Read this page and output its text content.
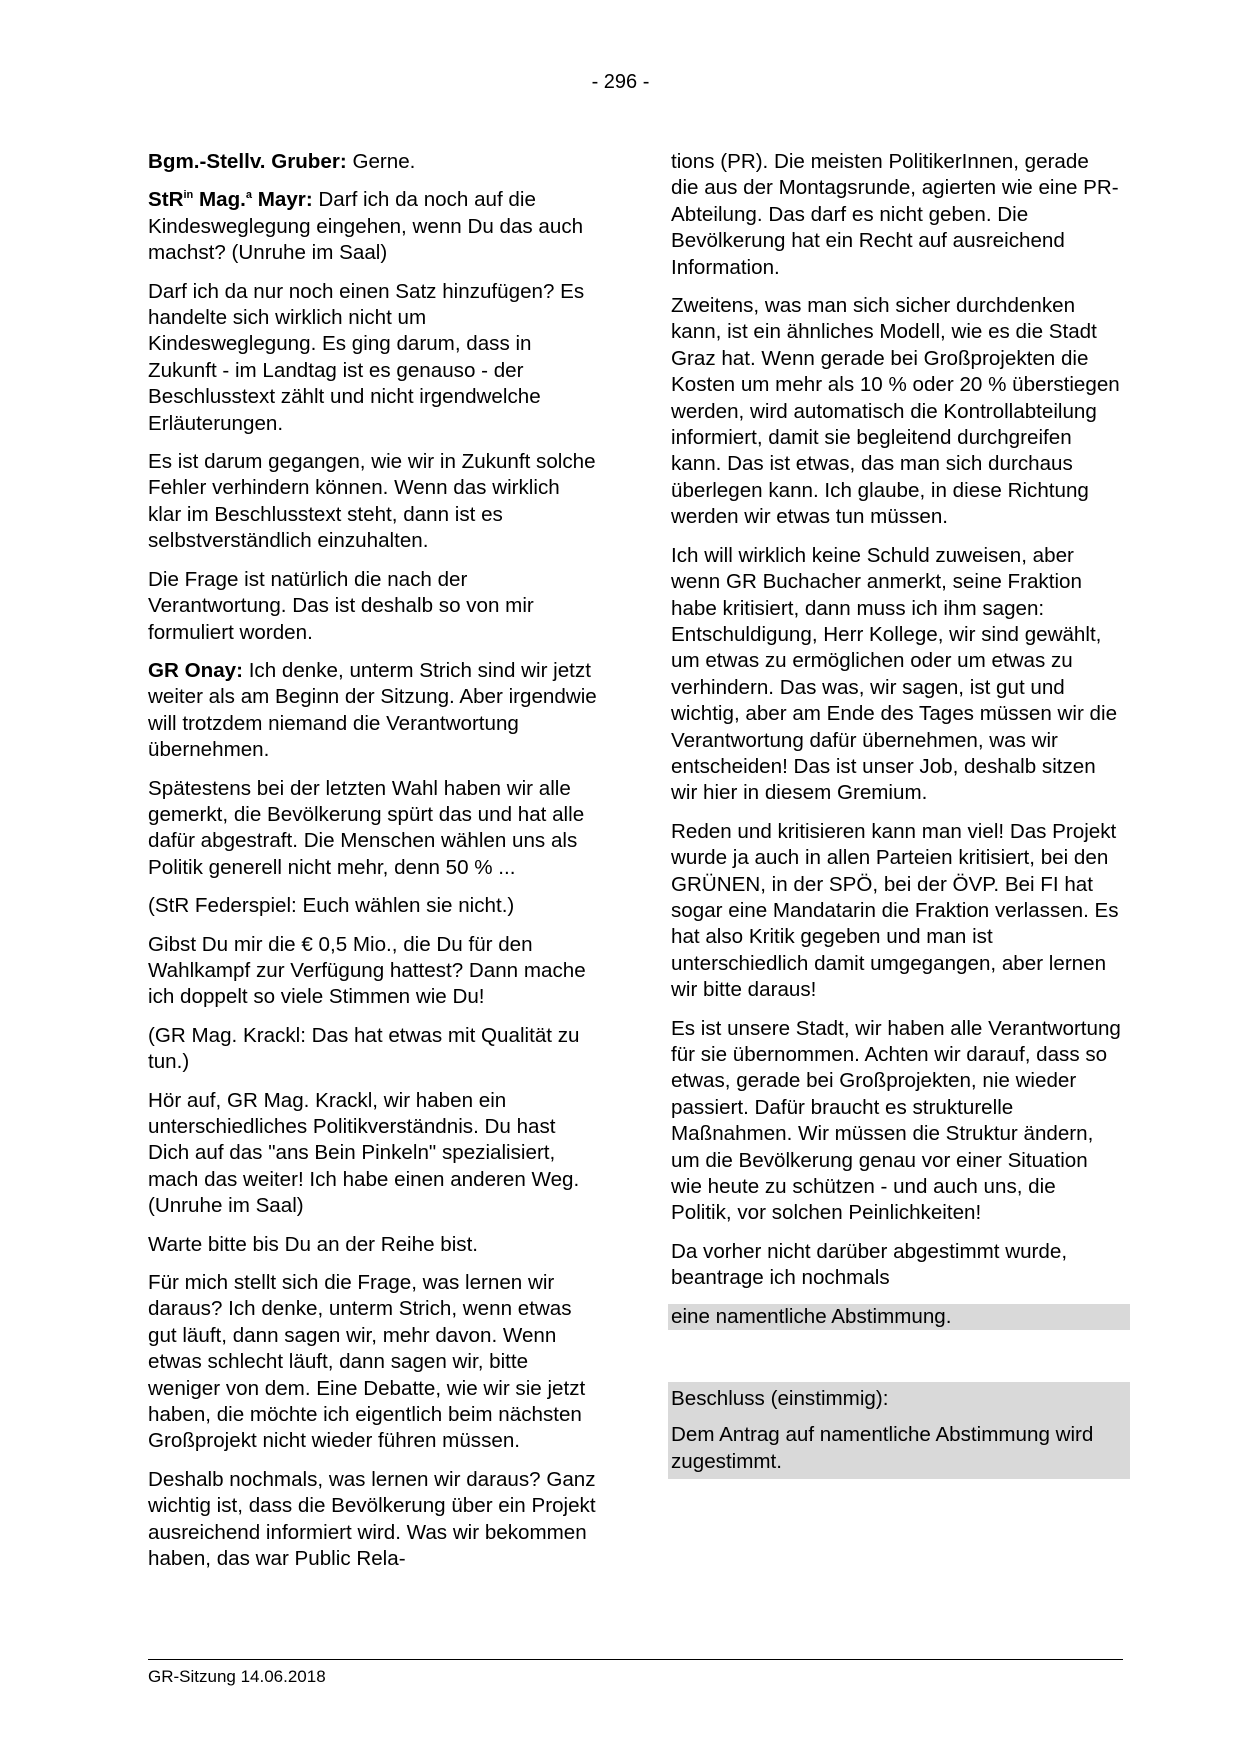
- 296 -

Bgm.-Stellv. Gruber: Gerne.

StR$^{in}$ Mag.$^a$ Mayr: Darf ich da noch auf die Kindesweglegung eingehen, wenn Du das auch machst? (Unruhe im Saal)

Darf ich da nur noch einen Satz hinzufügen? Es handelte sich wirklich nicht um Kindesweglegung. Es ging darum, dass in Zukunft - im Landtag ist es genauso - der Beschlusstext zählt und nicht irgendwelche Erläuterungen.

Es ist darum gegangen, wie wir in Zukunft solche Fehler verhindern können. Wenn das wirklich klar im Beschlusstext steht, dann ist es selbstverständlich einzuhalten.

Die Frage ist natürlich die nach der Verantwortung. Das ist deshalb so von mir formuliert worden.

GR Onay: Ich denke, unterm Strich sind wir jetzt weiter als am Beginn der Sitzung. Aber irgendwie will trotzdem niemand die Verantwortung übernehmen.

Spätestens bei der letzten Wahl haben wir alle gemerkt, die Bevölkerung spürt das und hat alle dafür abgestraft. Die Menschen wählen uns als Politik generell nicht mehr, denn 50 % ...

(StR Federspiel: Euch wählen sie nicht.)

Gibst Du mir die € 0,5 Mio., die Du für den Wahlkampf zur Verfügung hattest? Dann mache ich doppelt so viele Stimmen wie Du!

(GR Mag. Krackl: Das hat etwas mit Qualität zu tun.)

Hör auf, GR Mag. Krackl, wir haben ein unterschiedliches Politikverständnis. Du hast Dich auf das "ans Bein Pinkeln" spezialisiert, mach das weiter! Ich habe einen anderen Weg. (Unruhe im Saal)

Warte bitte bis Du an der Reihe bist.

Für mich stellt sich die Frage, was lernen wir daraus? Ich denke, unterm Strich, wenn etwas gut läuft, dann sagen wir, mehr davon. Wenn etwas schlecht läuft, dann sagen wir, bitte weniger von dem. Eine Debatte, wie wir sie jetzt haben, die möchte ich eigentlich beim nächsten Großprojekt nicht wieder führen müssen.

Deshalb nochmals, was lernen wir daraus? Ganz wichtig ist, dass die Bevölkerung über ein Projekt ausreichend informiert wird. Was wir bekommen haben, das war Public Rela-

tions (PR). Die meisten PolitikerInnen, gerade die aus der Montagsrunde, agierten wie eine PR-Abteilung. Das darf es nicht geben. Die Bevölkerung hat ein Recht auf ausreichend Information.

Zweitens, was man sich sicher durchdenken kann, ist ein ähnliches Modell, wie es die Stadt Graz hat. Wenn gerade bei Großprojekten die Kosten um mehr als 10 % oder 20 % überstiegen werden, wird automatisch die Kontrollabteilung informiert, damit sie begleitend durchgreifen kann. Das ist etwas, das man sich durchaus überlegen kann. Ich glaube, in diese Richtung werden wir etwas tun müssen.

Ich will wirklich keine Schuld zuweisen, aber wenn GR Buchacher anmerkt, seine Fraktion habe kritisiert, dann muss ich ihm sagen: Entschuldigung, Herr Kollege, wir sind gewählt, um etwas zu ermöglichen oder um etwas zu verhindern. Das was, wir sagen, ist gut und wichtig, aber am Ende des Tages müssen wir die Verantwortung dafür übernehmen, was wir entscheiden! Das ist unser Job, deshalb sitzen wir hier in diesem Gremium.

Reden und kritisieren kann man viel! Das Projekt wurde ja auch in allen Parteien kritisiert, bei den GRÜNEN, in der SPÖ, bei der ÖVP. Bei FI hat sogar eine Mandatarin die Fraktion verlassen. Es hat also Kritik gegeben und man ist unterschiedlich damit umgegangen, aber lernen wir bitte daraus!

Es ist unsere Stadt, wir haben alle Verantwortung für sie übernommen. Achten wir darauf, dass so etwas, gerade bei Großprojekten, nie wieder passiert. Dafür braucht es strukturelle Maßnahmen. Wir müssen die Struktur ändern, um die Bevölkerung genau vor einer Situation wie heute zu schützen - und auch uns, die Politik, vor solchen Peinlichkeiten!

Da vorher nicht darüber abgestimmt wurde, beantrage ich nochmals

eine namentliche Abstimmung.

Beschluss (einstimmig):

Dem Antrag auf namentliche Abstimmung wird zugestimmt.

GR-Sitzung 14.06.2018
